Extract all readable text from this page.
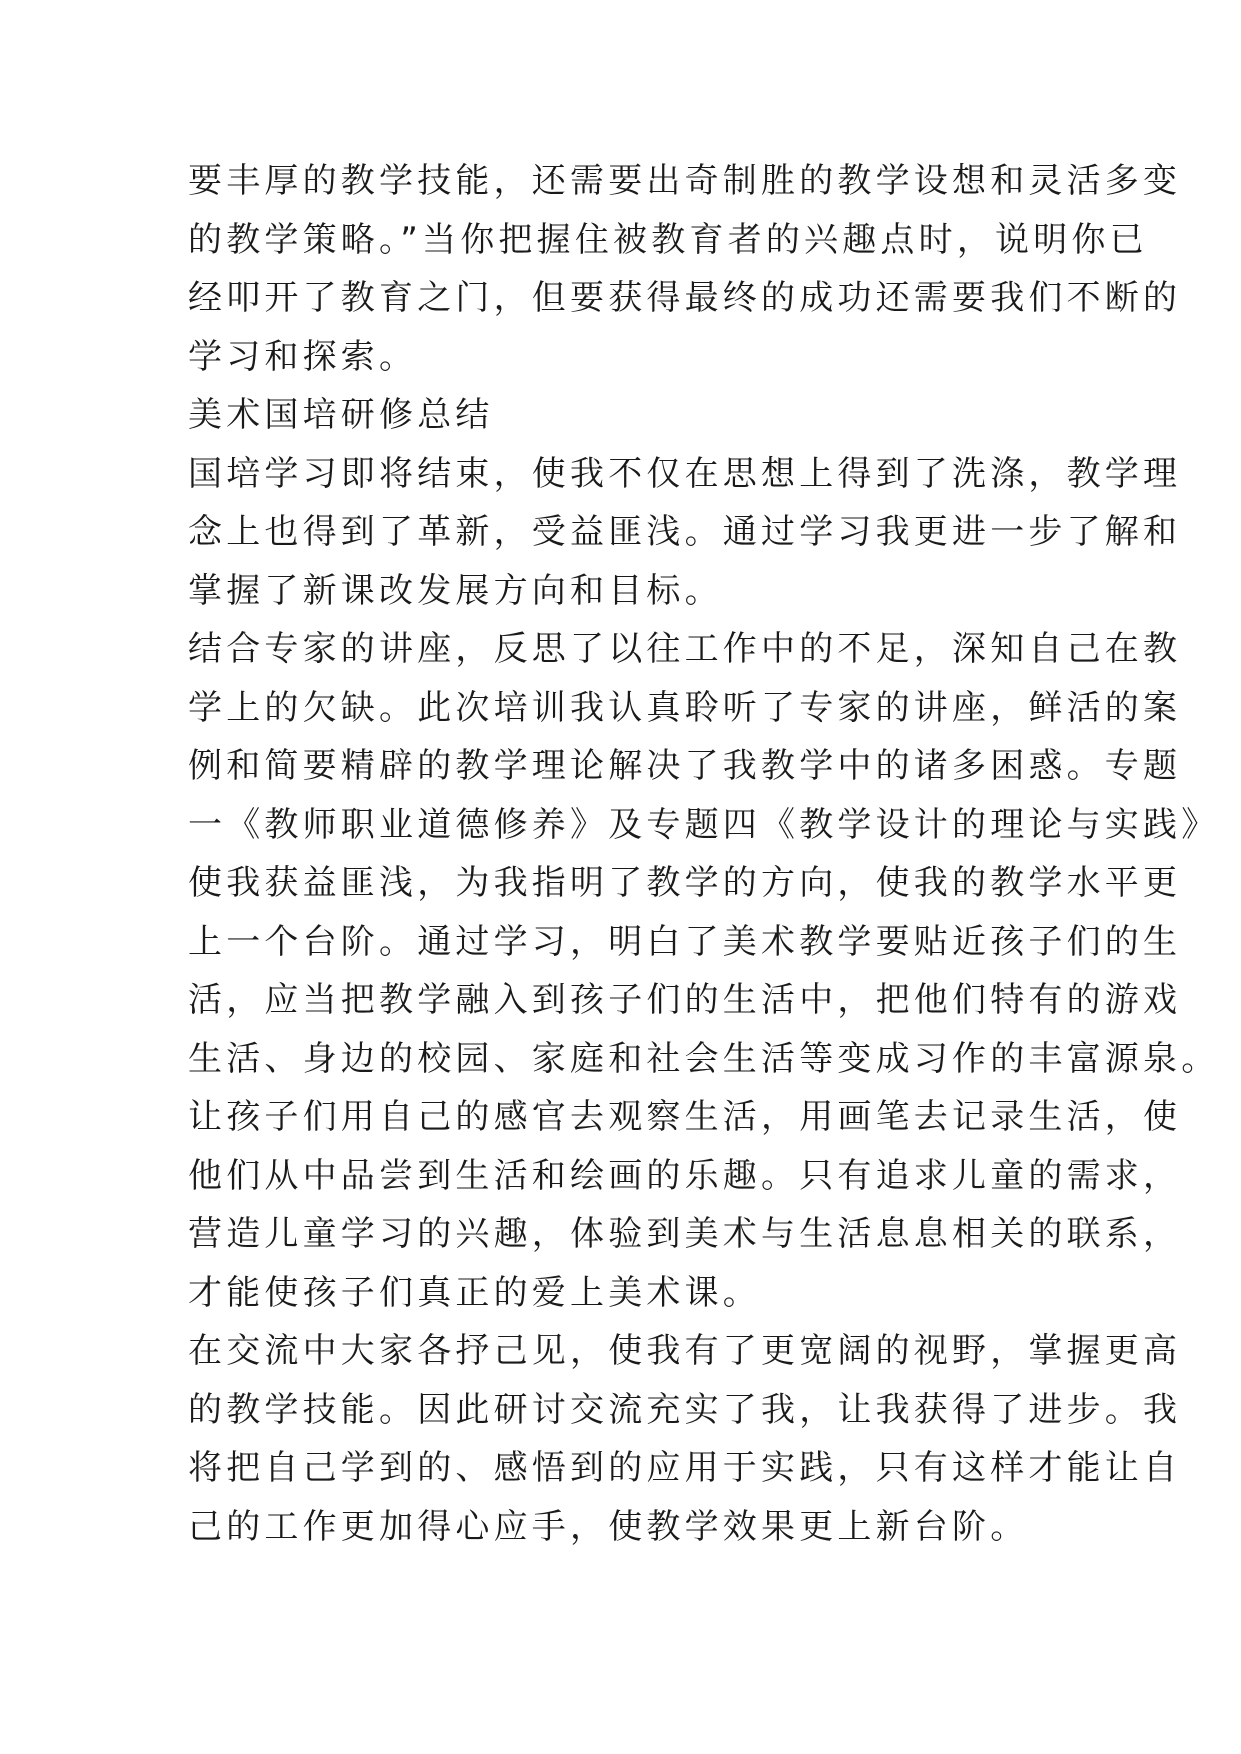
要丰厚的教学技能，还需要出奇制胜的教学设想和灵活多变
的教学策略。”当你把握住被教育者的兴趣点时，说明你已
经叩开了教育之门，但要获得最终的成功还需要我们不断的
学习和探索。
美术国培研修总结
国培学习即将结束，使我不仅在思想上得到了洗涤，教学理
念上也得到了革新，受益匪浅。通过学习我更进一步了解和
掌握了新课改发展方向和目标。
结合专家的讲座，反思了以往工作中的不足，深知自己在教
学上的欠缺。此次培训我认真聆听了专家的讲座，鲜活的案
例和简要精辟的教学理论解决了我教学中的诸多困惑。专题
一《教师职业道德修养》及专题四《教学设计的理论与实践》
使我获益匪浅，为我指明了教学的方向，使我的教学水平更
上一个台阶。通过学习，明白了美术教学要贴近孩子们的生
活，应当把教学融入到孩子们的生活中，把他们特有的游戏
生活、身边的校园、家庭和社会生活等变成习作的丰富源泉。
让孩子们用自己的感官去观察生活，用画笔去记录生活，使
他们从中品尝到生活和绘画的乐趣。只有追求儿童的需求，
营造儿童学习的兴趣，体验到美术与生活息息相关的联系，
才能使孩子们真正的爱上美术课。
在交流中大家各抒己见，使我有了更宽阔的视野，掌握更高
的教学技能。因此研讨交流充实了我，让我获得了进步。我
将把自己学到的、感悟到的应用于实践，只有这样才能让自
己的工作更加得心应手，使教学效果更上新台阶。
